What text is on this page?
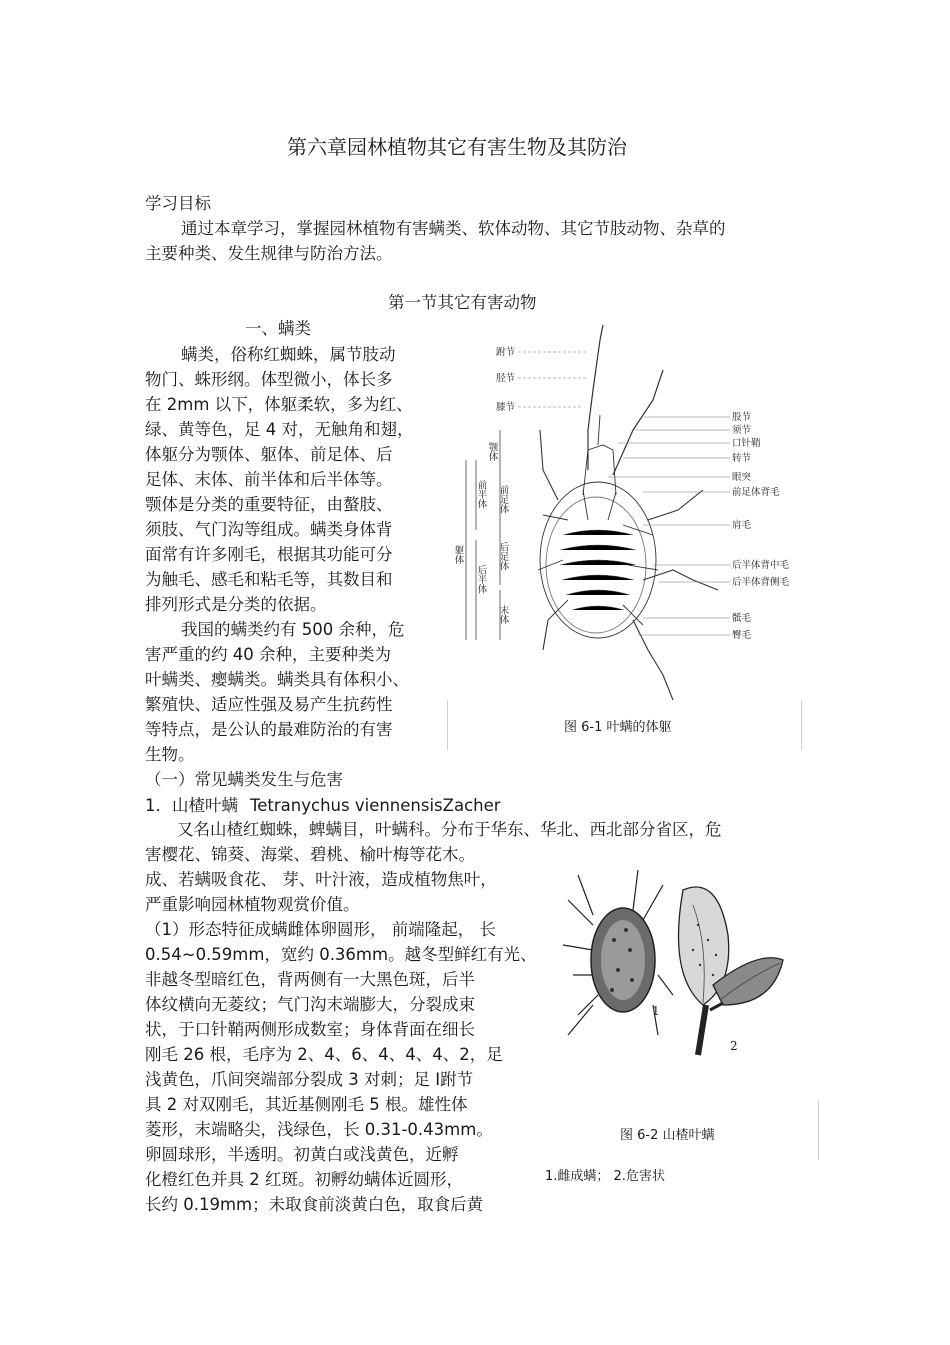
第六章园林植物其它有害生物及其防治
学习目标
通过本章学习，掌握园林植物有害螨类、软体动物、其它节肢动物、杂草的
主要种类、发生规律与防治方法。
第一节其它有害动物
一、螨类
螨类，俗称红蜘蛛，属节肢动
物门、蛛形纲。体型微小，体长多
在 2mm 以下，体躯柔软，多为红、
绿、黄等色，足 4 对，无触角和翅，
体躯分为颚体、躯体、前足体、后
足体、末体、前半体和后半体等。
颚体是分类的重要特征，由螯肢、
须肢、气门沟等组成。螨类身体背
面常有许多刚毛，根据其功能可分
为触毛、感毛和粘毛等，其数目和
排列形式是分类的依据。
我国的螨类约有 500 余种，危
害严重的约 40 余种，主要种类为
叶螨类、瘿螨类。螨类具有体积小、
繁殖快、适应性强及易产生抗药性
等特点，是公认的最难防治的有害
生物。
跗节
胫节
膝节
颚体
前半体 前足体
躯体	后足体
后半体
末体
股节
须节
口针鞘
转节
眼突
前足体背毛
肩毛
后半体背中毛
后半体背侧毛
骶毛
臀毛
图 6-1 叶螨的体躯
（一）常见螨类发生与危害
1．山楂叶螨 Tetranychus viennensisZacher
又名山楂红蜘蛛，蜱螨目，叶螨科。分布于华东、华北、西北部分省区，危
害樱花、锦葵、海棠、碧桃、榆叶梅等花木。
成、若螨吸食花、 芽、叶汁液，造成植物焦叶，
严重影响园林植物观赏价值。
（1）形态特征成螨雌体卵圆形， 前端隆起， 长
0.54~0.59mm，宽约 0.36mm。越冬型鲜红有光、
非越冬型暗红色，背两侧有一大黑色斑，后半
体纹横向无菱纹；气门沟末端膨大，分裂成束
状，于口针鞘两侧形成数室；身体背面在细长
刚毛 26 根，毛序为 2、4、6、4、4、4、2，足
浅黄色，爪间突端部分裂成 3 对刺；足 Ⅰ跗节
具 2 对双刚毛，其近基侧刚毛 5 根。雄性体
菱形，末端略尖，浅绿色，长 0.31-0.43mm。
卵圆球形，半透明。初黄白或浅黄色，近孵
化橙红色并具 2 红斑。初孵幼螨体近圆形，
长约 0.19mm；未取食前淡黄白色，取食后黄
1
2
图 6-2 山楂叶螨
1.雌成螨； 2.危害状
